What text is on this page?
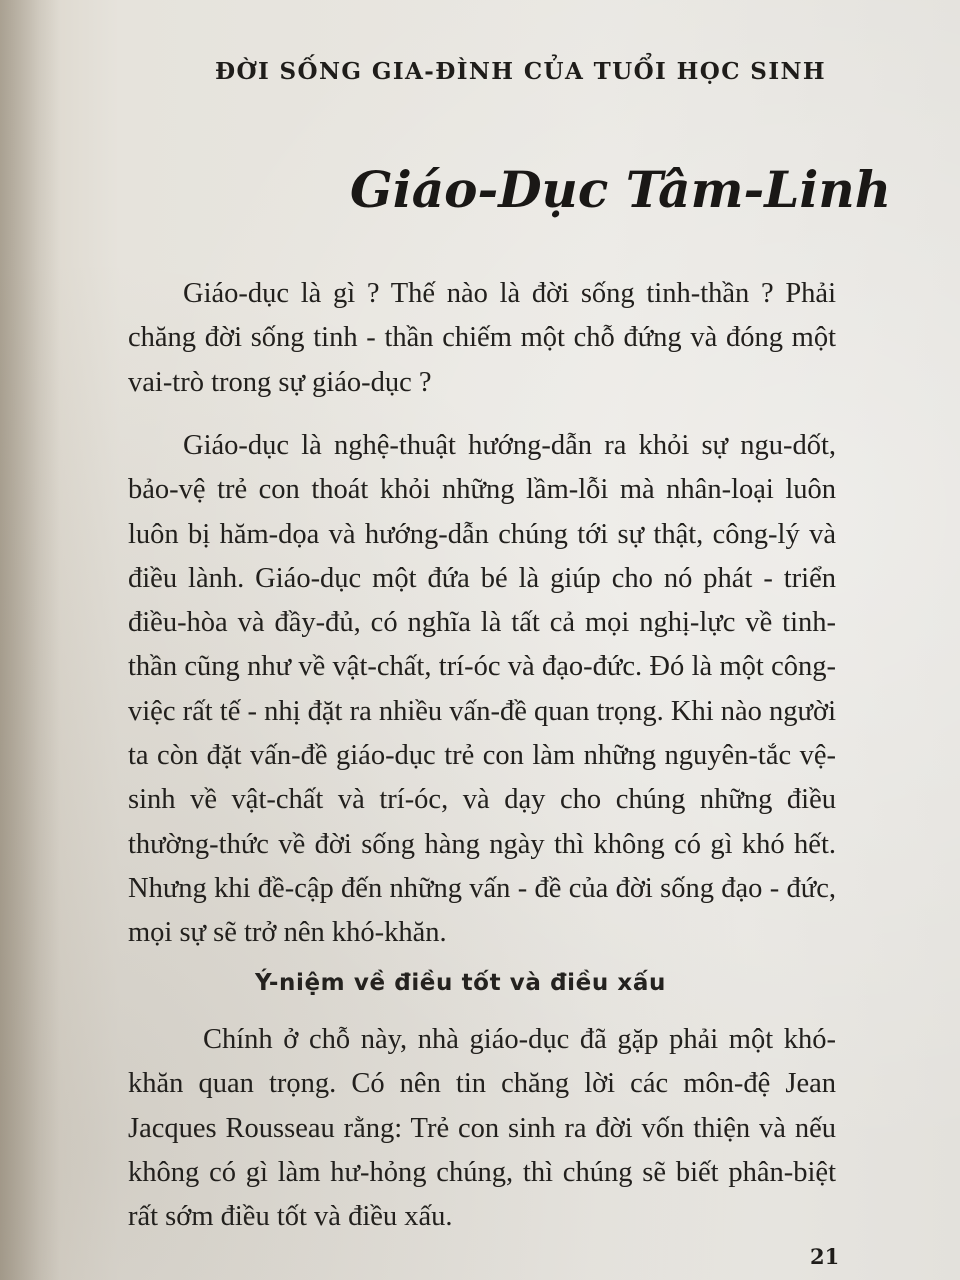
ĐỜI SỐNG GIA-ĐÌNH CỦA TUỔI HỌC SINH
Giáo-Dục Tâm-Linh
Giáo-dục là gì ? Thế nào là đời sống tinh-thần ? Phải chăng đời sống tinh - thần chiếm một chỗ đứng và đóng một vai-trò trong sự giáo-dục ?
Giáo-dục là nghệ-thuật hướng-dẫn ra khỏi sự ngu-dốt, bảo-vệ trẻ con thoát khỏi những lầm-lỗi mà nhân-loại luôn luôn bị hăm-dọa và hướng-dẫn chúng tới sự thật, công-lý và điều lành. Giáo-dục một đứa bé là giúp cho nó phát - triển điều-hòa và đầy-đủ, có nghĩa là tất cả mọi nghị-lực về tinh-thần cũng như về vật-chất, trí-óc và đạo-đức. Đó là một công-việc rất tế - nhị đặt ra nhiều vấn-đề quan trọng. Khi nào người ta còn đặt vấn-đề giáo-dục trẻ con làm những nguyên-tắc vệ-sinh về vật-chất và trí-óc, và dạy cho chúng những điều thường-thức về đời sống hàng ngày thì không có gì khó hết. Nhưng khi đề-cập đến những vấn - đề của đời sống đạo - đức, mọi sự sẽ trở nên khó-khăn.
Ý-niệm về điều tốt và điều xấu
Chính ở chỗ này, nhà giáo-dục đã gặp phải một khó-khăn quan trọng. Có nên tin chăng lời các môn-đệ Jean Jacques Rousseau rằng: Trẻ con sinh ra đời vốn thiện và nếu không có gì làm hư-hỏng chúng, thì chúng sẽ biết phân-biệt rất sớm điều tốt và điều xấu.
21
